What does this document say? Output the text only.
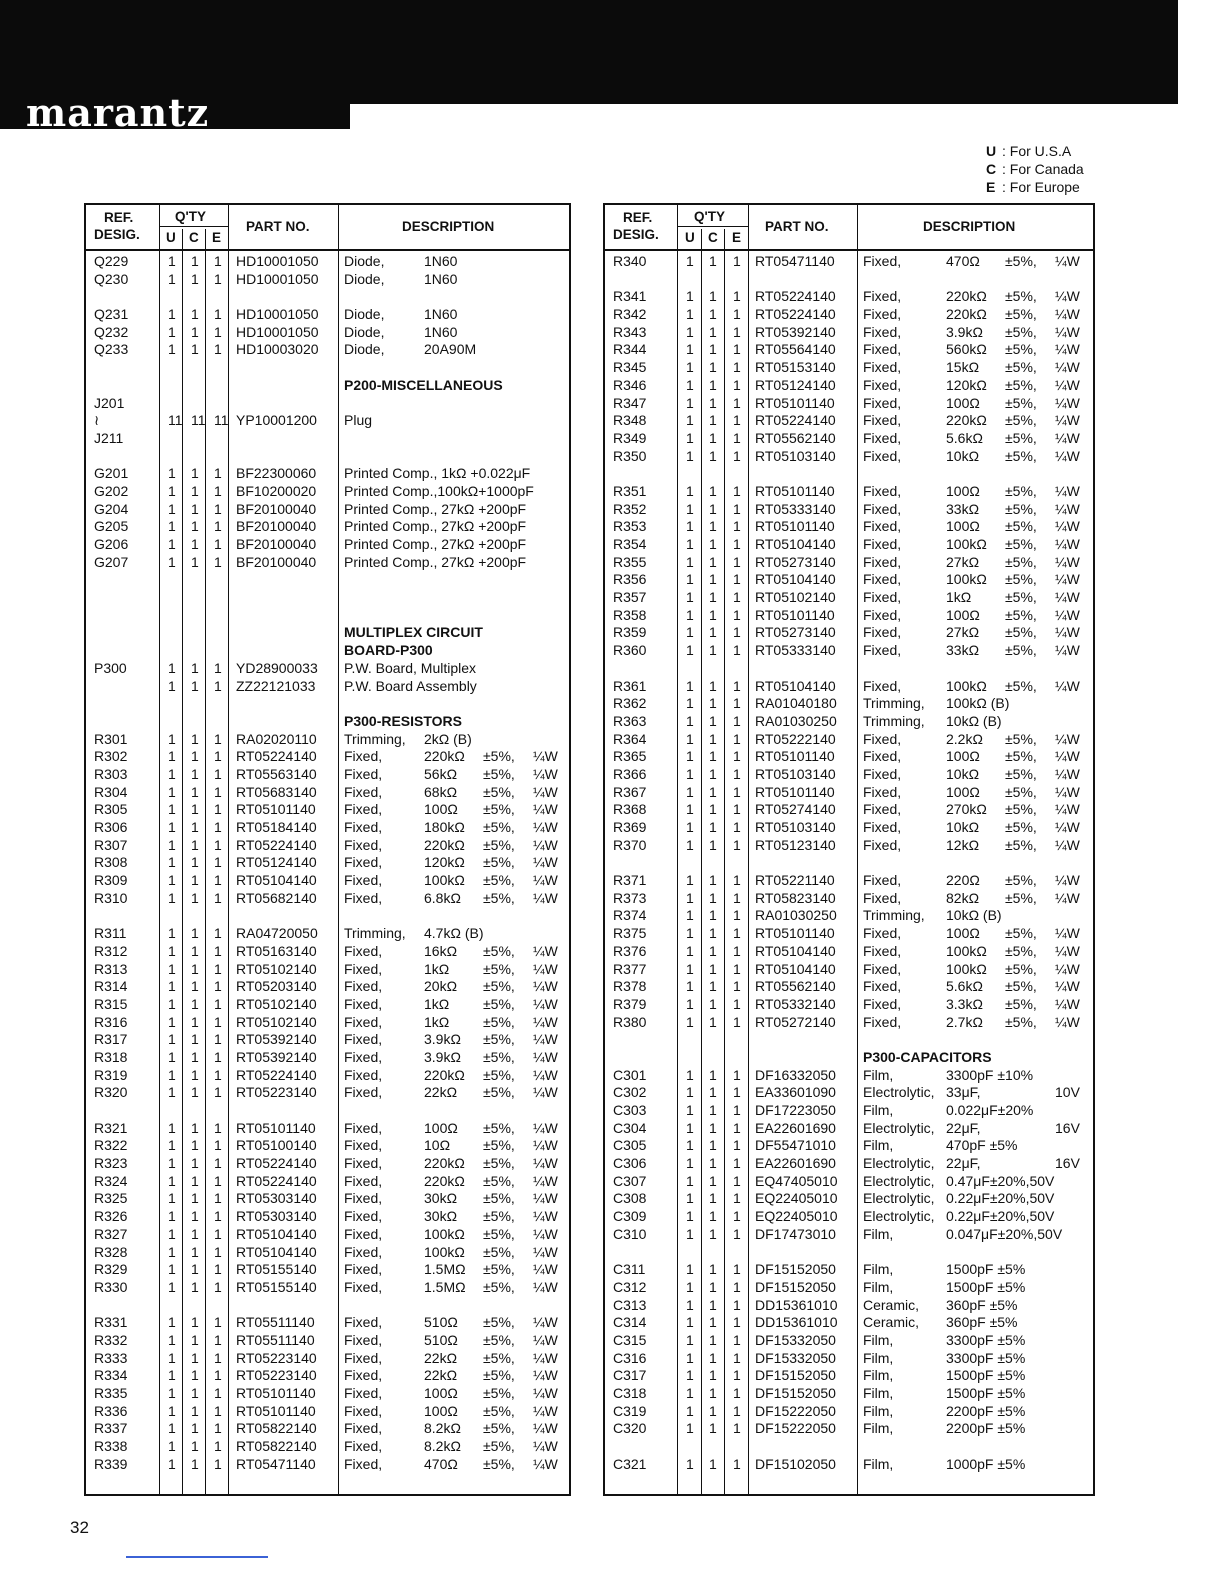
marantz
U : For U.S.A
C : For Canada
E : For Europe
REF.
DESIG.
Q'TY
U C E
PART NO.	DESCRIPTION
Q229	1 1 1 HD10001050 Diode,	1N60
Q230	1 1 1 HD10001050 Diode,	1N60
Q231	1 1 1 HD10001050 Diode,	1N60
Q232	1 1 1 HD10001050 Diode,	1N60
Q233	1 1 1 HD10003020 Diode,	20A90M
P200-MISCELLANEOUS
J201
≀	11 11 11 YP10001200 Plug
J211
G201	1 1 1 BF22300060 Printed Comp., 1kΩ +0.022μF
G202	1 1 1 BF10200020 Printed Comp.,100kΩ+1000pF
G204	1 1 1 BF20100040 Printed Comp., 27kΩ +200pF
G205	1 1 1 BF20100040 Printed Comp., 27kΩ +200pF
G206	1 1 1 BF20100040 Printed Comp., 27kΩ +200pF
G207	1 1 1 BF20100040 Printed Comp., 27kΩ +200pF
MULTIPLEX CIRCUIT
BOARD-P300
P300	1 1 1 YD28900033 P.W. Board, Multiplex
1 1 1 ZZ22121033 P.W. Board Assembly
P300-RESISTORS
R301	1 1 1 RA02020110 Trimming, 2kΩ (B)
R302	1 1 1 RT05224140 Fixed,	220kΩ ±5%, ¼W
R303	1 1 1 RT05563140 Fixed,	56kΩ ±5%, ¼W
R304	1 1 1 RT05683140 Fixed,	68kΩ ±5%, ¼W
R305	1 1 1 RT05101140 Fixed,	100Ω ±5%, ¼W
R306	1 1 1 RT05184140 Fixed,	180kΩ ±5%, ¼W
R307	1 1 1 RT05224140 Fixed,	220kΩ ±5%, ¼W
R308	1 1 1 RT05124140 Fixed,	120kΩ ±5%, ¼W
R309	1 1 1 RT05104140 Fixed,	100kΩ ±5%, ¼W
R310	1 1 1 RT05682140 Fixed,	6.8kΩ ±5%, ¼W
R311	1 1 1 RA04720050 Trimming, 4.7kΩ (B)
R312	1 1 1 RT05163140 Fixed,	16kΩ ±5%, ¼W
R313	1 1 1 RT05102140 Fixed,	1kΩ ±5%, ¼W
R314	1 1 1 RT05203140 Fixed,	20kΩ ±5%, ¼W
R315	1 1 1 RT05102140 Fixed,	1kΩ ±5%, ¼W
R316	1 1 1 RT05102140 Fixed,	1kΩ ±5%, ¼W
R317	1 1 1 RT05392140 Fixed,	3.9kΩ ±5%, ¼W
R318	1 1 1 RT05392140 Fixed,	3.9kΩ ±5%, ¼W
R319	1 1 1 RT05224140 Fixed,	220kΩ ±5%, ¼W
R320	1 1 1 RT05223140 Fixed,	22kΩ ±5%, ¼W
R321	1 1 1 RT05101140 Fixed,	100Ω ±5%, ¼W
R322	1 1 1 RT05100140 Fixed,	10Ω ±5%, ¼W
R323	1 1 1 RT05224140 Fixed,	220kΩ ±5%, ¼W
R324	1 1 1 RT05224140 Fixed,	220kΩ ±5%, ¼W
R325	1 1 1 RT05303140 Fixed,	30kΩ ±5%, ¼W
R326	1 1 1 RT05303140 Fixed,	30kΩ ±5%, ¼W
R327	1 1 1 RT05104140 Fixed,	100kΩ ±5%, ¼W
R328	1 1 1 RT05104140 Fixed,	100kΩ ±5%, ¼W
R329	1 1 1 RT05155140 Fixed,	1.5MΩ ±5%, ¼W
R330	1 1 1 RT05155140 Fixed,	1.5MΩ ±5%, ¼W
R331	1 1 1 RT05511140 Fixed,	510Ω ±5%, ¼W
R332	1 1 1 RT05511140 Fixed,	510Ω ±5%, ¼W
R333	1 1 1 RT05223140 Fixed,	22kΩ ±5%, ¼W
R334	1 1 1 RT05223140 Fixed,	22kΩ ±5%, ¼W
R335	1 1 1 RT05101140 Fixed,	100Ω ±5%, ¼W
R336	1 1 1 RT05101140 Fixed,	100Ω ±5%, ¼W
R337	1 1 1 RT05822140 Fixed,	8.2kΩ ±5%, ¼W
R338	1 1 1 RT05822140 Fixed,	8.2kΩ ±5%, ¼W
R339	1 1 1 RT05471140 Fixed,	470Ω ±5%, ¼W
REF.
DESIG.
Q'TY
U C E
PART NO.	DESCRIPTION
R340	1 1 1 RT05471140 Fixed,	470Ω ±5%, ¼W
R341	1 1 1 RT05224140 Fixed,	220kΩ ±5%, ¼W
R342	1 1 1 RT05224140 Fixed,	220kΩ ±5%, ¼W
R343	1 1 1 RT05392140 Fixed,	3.9kΩ ±5%, ¼W
R344	1 1 1 RT05564140 Fixed,	560kΩ ±5%, ¼W
R345	1 1 1 RT05153140 Fixed,	15kΩ ±5%, ¼W
R346	1 1 1 RT05124140 Fixed,	120kΩ ±5%, ¼W
R347	1 1 1 RT05101140 Fixed,	100Ω ±5%, ¼W
R348	1 1 1 RT05224140 Fixed,	220kΩ ±5%, ¼W
R349	1 1 1 RT05562140 Fixed,	5.6kΩ ±5%, ¼W
R350	1 1 1 RT05103140 Fixed,	10kΩ ±5%, ¼W
R351	1 1 1 RT05101140 Fixed,	100Ω ±5%, ¼W
R352	1 1 1 RT05333140 Fixed,	33kΩ ±5%, ¼W
R353	1 1 1 RT05101140 Fixed,	100Ω ±5%, ¼W
R354	1 1 1 RT05104140 Fixed,	100kΩ ±5%, ¼W
R355	1 1 1 RT05273140 Fixed,	27kΩ ±5%, ¼W
R356	1 1 1 RT05104140 Fixed,	100kΩ ±5%, ¼W
R357	1 1 1 RT05102140 Fixed,	1kΩ ±5%, ¼W
R358	1 1 1 RT05101140 Fixed,	100Ω ±5%, ¼W
R359	1 1 1 RT05273140 Fixed,	27kΩ ±5%, ¼W
R360	1 1 1 RT05333140 Fixed,	33kΩ ±5%, ¼W
R361	1 1 1 RT05104140 Fixed,	100kΩ ±5%, ¼W
R362	1 1 1 RA01040180 Trimming, 100kΩ (B)
R363	1 1 1 RA01030250 Trimming, 10kΩ (B)
R364	1 1 1 RT05222140 Fixed,	2.2kΩ ±5%, ¼W
R365	1 1 1 RT05101140 Fixed,	100Ω ±5%, ¼W
R366	1 1 1 RT05103140 Fixed,	10kΩ ±5%, ¼W
R367	1 1 1 RT05101140 Fixed,	100Ω ±5%, ¼W
R368	1 1 1 RT05274140 Fixed,	270kΩ ±5%, ¼W
R369	1 1 1 RT05103140 Fixed,	10kΩ ±5%, ¼W
R370	1 1 1 RT05123140 Fixed,	12kΩ ±5%, ¼W
R371	1 1 1 RT05221140 Fixed,	220Ω ±5%, ¼W
R373	1 1 1 RT05823140 Fixed,	82kΩ ±5%, ¼W
R374	1 1 1 RA01030250 Trimming, 10kΩ (B)
R375	1 1 1 RT05101140 Fixed,	100Ω ±5%, ¼W
R376	1 1 1 RT05104140 Fixed,	100kΩ ±5%, ¼W
R377	1 1 1 RT05104140 Fixed,	100kΩ ±5%, ¼W
R378	1 1 1 RT05562140 Fixed,	5.6kΩ ±5%, ¼W
R379	1 1 1 RT05332140 Fixed,	3.3kΩ ±5%, ¼W
R380	1 1 1 RT05272140 Fixed,	2.7kΩ ±5%, ¼W
P300-CAPACITORS
C301	1 1 1 DF16332050 Film,	3300pF ±10%
C302	1 1 1 EA33601090 Electrolytic, 33μF,	10V
C303	1 1 1 DF17223050 Film,	0.022μF±20%
C304	1 1 1 EA22601690 Electrolytic, 22μF,	16V
C305	1 1 1 DF55471010 Film,	470pF ±5%
C306	1 1 1 EA22601690 Electrolytic, 22μF,	16V
C307	1 1 1 EQ47405010 Electrolytic, 0.47μF±20%,50V
C308	1 1 1 EQ22405010 Electrolytic, 0.22μF±20%,50V
C309	1 1 1 EQ22405010 Electrolytic, 0.22μF±20%,50V
C310	1 1 1 DF17473010 Film,	0.047μF±20%,50V
C311	1 1 1 DF15152050 Film,	1500pF ±5%
C312	1 1 1 DF15152050 Film,	1500pF ±5%
C313	1 1 1 DD15361010 Ceramic, 360pF ±5%
C314	1 1 1 DD15361010 Ceramic, 360pF ±5%
C315	1 1 1 DF15332050 Film,	3300pF ±5%
C316	1 1 1 DF15332050 Film,	3300pF ±5%
C317	1 1 1 DF15152050 Film,	1500pF ±5%
C318	1 1 1 DF15152050 Film,	1500pF ±5%
C319	1 1 1 DF15222050 Film,	2200pF ±5%
C320	1 1 1 DF15222050 Film,	2200pF ±5%
C321	1 1 1 DF15102050 Film,	1000pF ±5%
32
